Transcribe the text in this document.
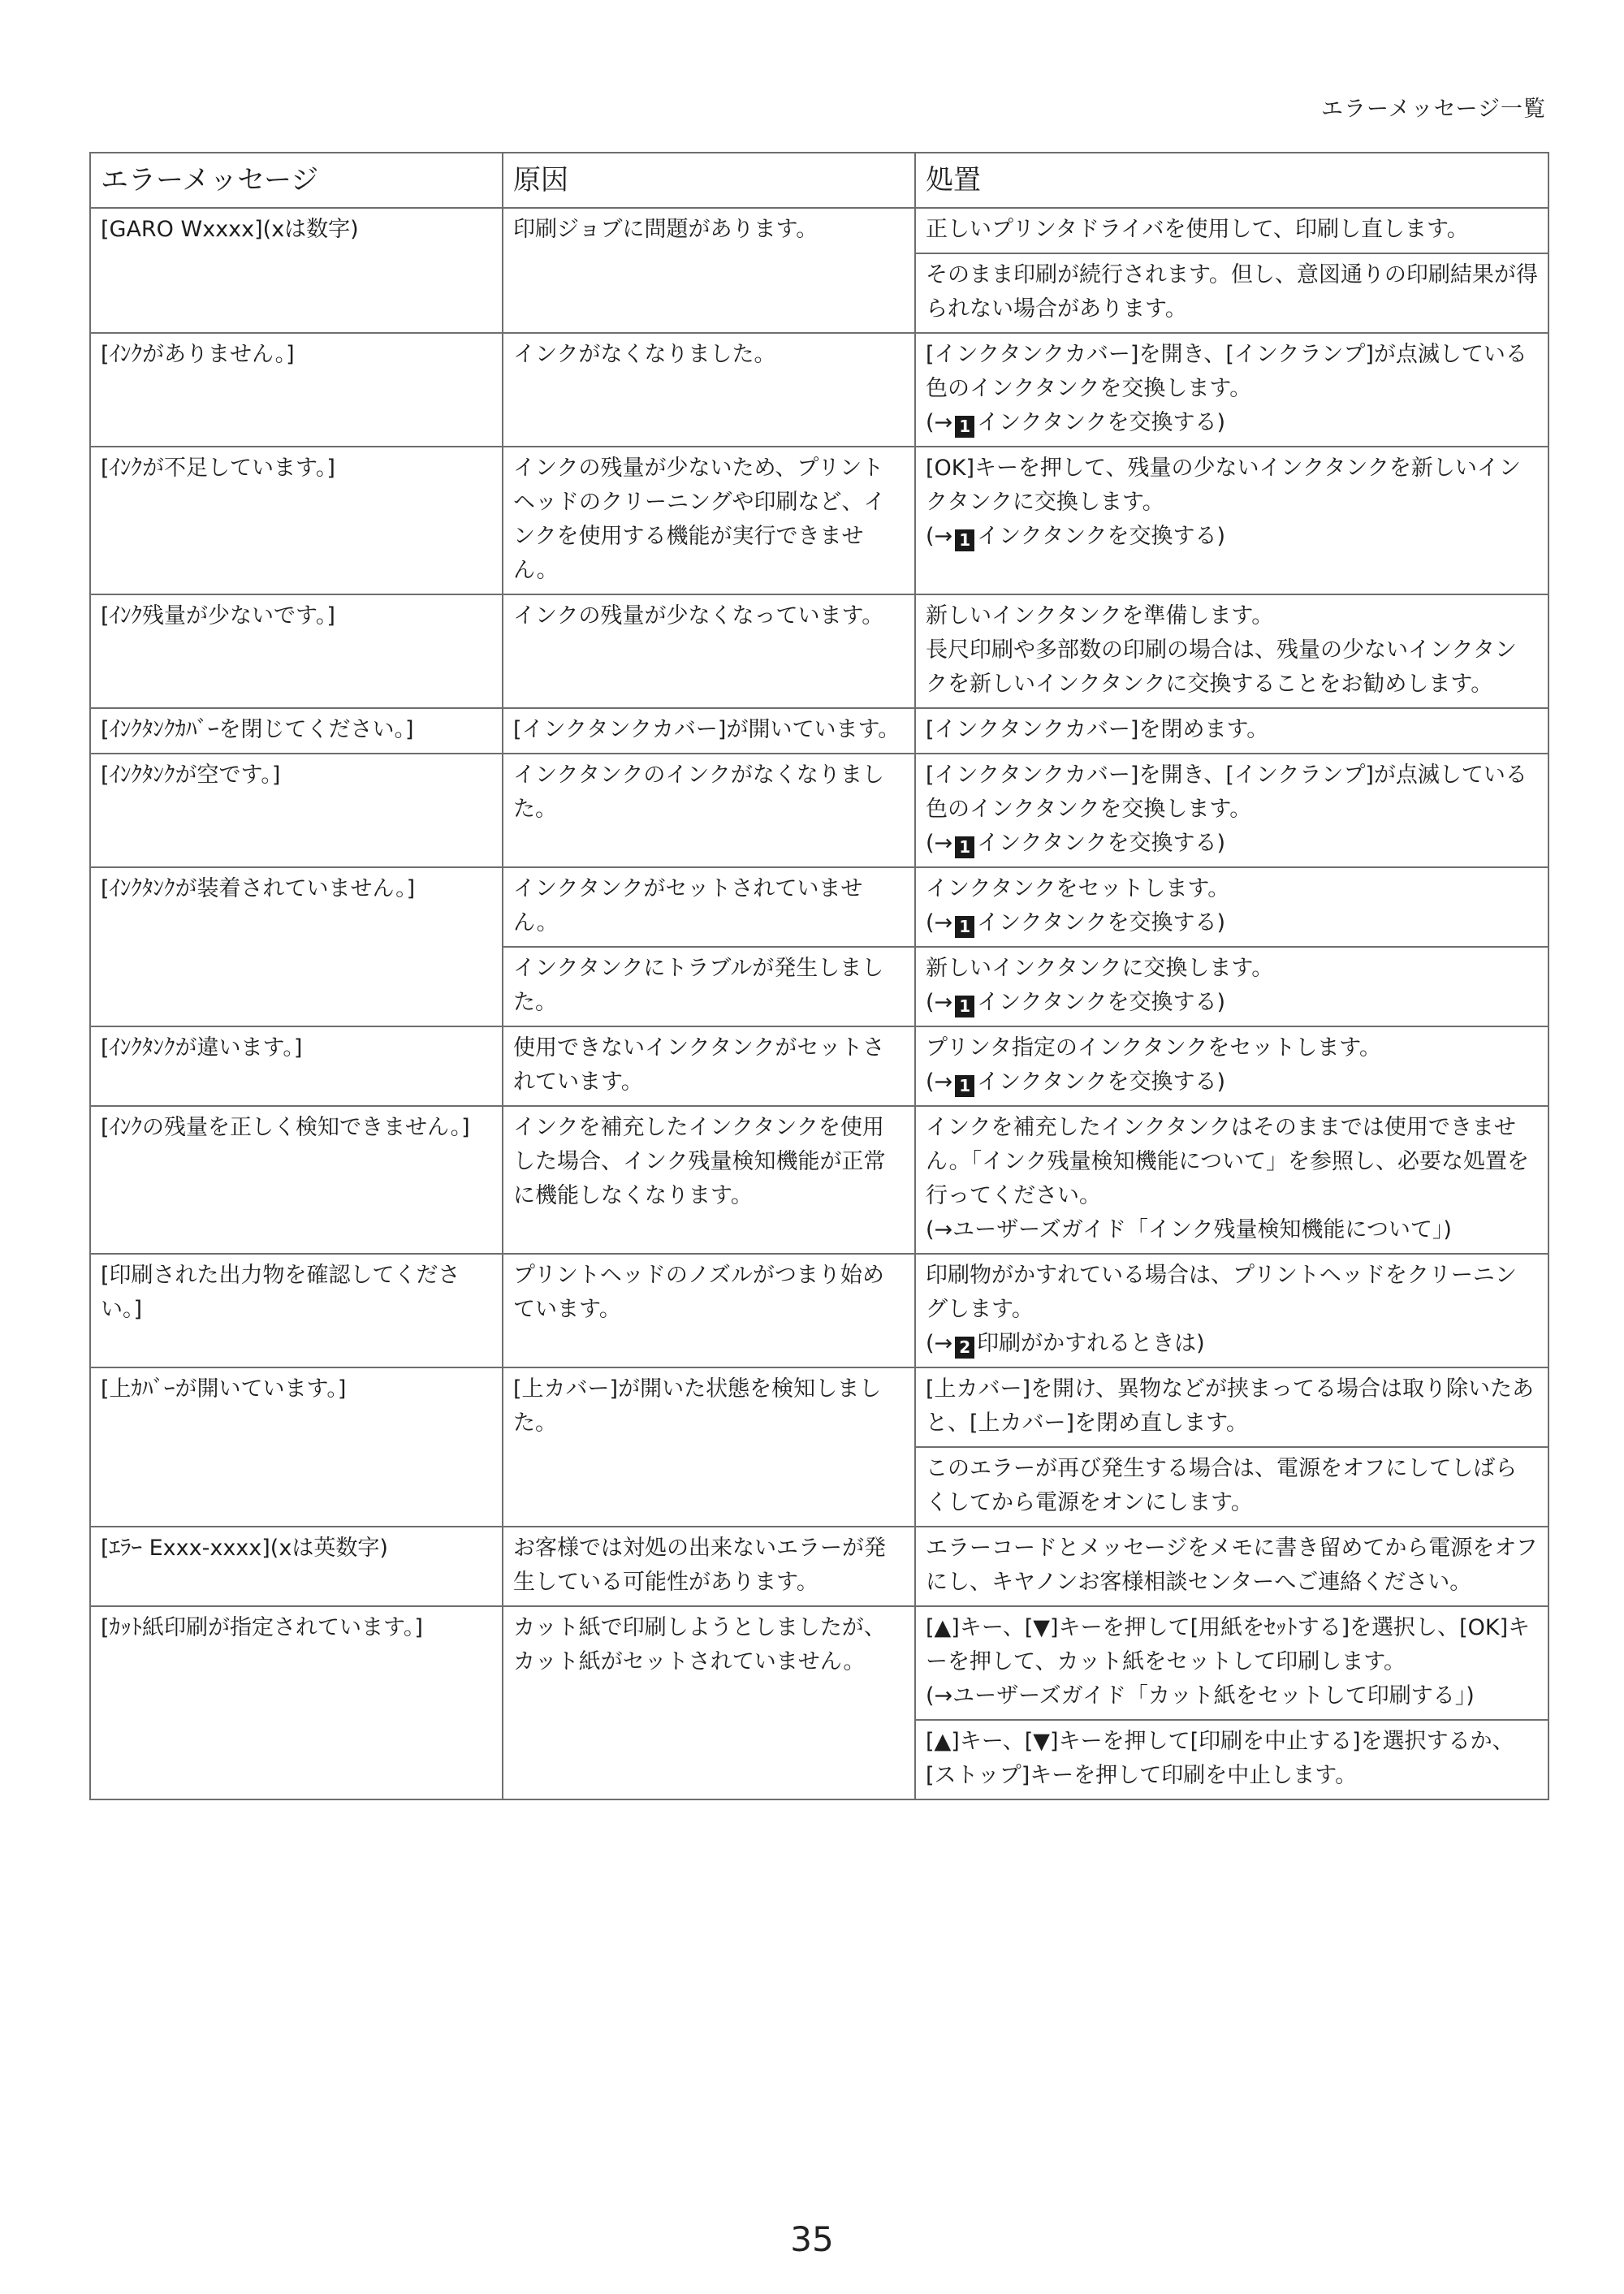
エラーメッセージ一覧
エラーメッセージ	原因	処置
[GARO Wxxxx](xは数字)	印刷ジョブに問題があります。	正しいプリンタドライバを使用して、印刷し直します。
		そのまま印刷が続行されます。但し、意図通りの印刷結果が得られない場合があります。
[ｲﾝｸがありません。]	インクがなくなりました。	[インクタンクカバー]を開き、[インクランプ]が点滅している色のインクタンクを交換します。
(→ 1 インクタンクを交換する)

[ｲﾝｸが不足しています。]	インクの残量が少ないため、プリントヘッドのクリーニングや印刷など、インクを使用する機能が実行できません。	[OK]キーを押して、残量の少ないインクタンクを新しいインクタンクに交換します。
(→ 1 インクタンクを交換する)

[ｲﾝｸ残量が少ないです。]	インクの残量が少なくなっています。	新しいインクタンクを準備します。
長尺印刷や多部数の印刷の場合は、残量の少ないインクタンクを新しいインクタンクに交換することをお勧めします。

[ｲﾝｸﾀﾝｸｶﾊﾞｰを閉じてください。]	[インクタンクカバー]が開いています。	[インクタンクカバー]を閉めます。
[ｲﾝｸﾀﾝｸが空です。]	インクタンクのインクがなくなりました。	[インクタンクカバー]を開き、[インクランプ]が点滅している色のインクタンクを交換します。
(→ 1 インクタンクを交換する)

[ｲﾝｸﾀﾝｸが装着されていません。]	インクタンクがセットされていません。	インクタンクをセットします。
(→ 1 インクタンクを交換する)

	インクタンクにトラブルが発生しました。	新しいインクタンクに交換します。
(→ 1 インクタンクを交換する)

[ｲﾝｸﾀﾝｸが違います。]	使用できないインクタンクがセットされています。	プリンタ指定のインクタンクをセットします。
(→ 1 インクタンクを交換する)

[ｲﾝｸの残量を正しく検知できません。]	インクを補充したインクタンクを使用した場合、インク残量検知機能が正常に機能しなくなります。	インクを補充したインクタンクはそのままでは使用できません。「インク残量検知機能について」を参照し、必要な処置を行ってください。
(→ユーザーズガイド「インク残量検知機能について」)

[印刷された出力物を確認してください。]	プリントヘッドのノズルがつまり始めています。	印刷物がかすれている場合は、プリントヘッドをクリーニングします。
(→ 2 印刷がかすれるときは)

[上ｶﾊﾞｰが開いています。]	[上カバー]が開いた状態を検知しました。	[上カバー]を開け、異物などが挟まってる場合は取り除いたあと、[上カバー]を閉め直します。
		このエラーが再び発生する場合は、電源をオフにしてしばらくしてから電源をオンにします。
[ｴﾗｰ Exxx-xxxx](xは英数字)	お客様では対処の出来ないエラーが発生している可能性があります。	エラーコードとメッセージをメモに書き留めてから電源をオフにし、キヤノンお客様相談センターへご連絡ください。
[ｶｯﾄ紙印刷が指定されています。]	カット紙で印刷しようとしましたが、カット紙がセットされていません。	[▲]キー、[▼]キーを押して[用紙をｾｯﾄする]を選択し、[OK]キーを押して、カット紙をセットして印刷します。
(→ユーザーズガイド「カット紙をセットして印刷する」)

		[▲]キー、[▼]キーを押して[印刷を中止する]を選択するか、[ストップ]キーを押して印刷を中止します。
35
